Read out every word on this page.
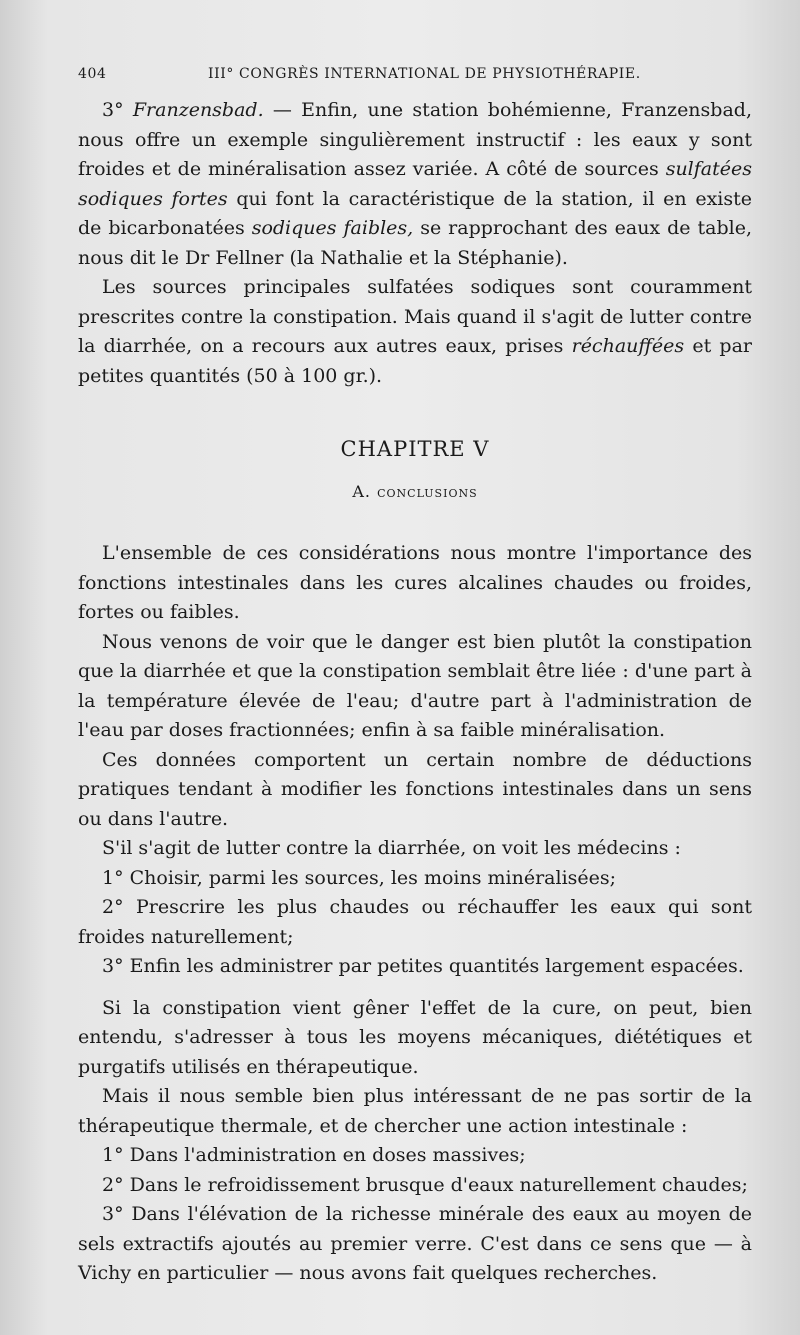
404	III° CONGRÈS INTERNATIONAL DE PHYSIOTHÉRAPIE.

3° Franzensbad. — Enfin, une station bohémienne, Franzensbad, nous offre un exemple singulièrement instructif : les eaux y sont froides et de minéralisation assez variée. A côté de sources sulfatées sodiques fortes qui font la caractéristique de la station, il en existe de bicarbonatées sodiques faibles, se rapprochant des eaux de table, nous dit le Dr Fellner (la Nathalie et la Stéphanie).

Les sources principales sulfatées sodiques sont couramment prescrites contre la constipation. Mais quand il s'agit de lutter contre la diarrhée, on a recours aux autres eaux, prises réchauffées et par petites quantités (50 à 100 gr.).

CHAPITRE V
A. conclusions

L'ensemble de ces considérations nous montre l'importance des fonctions intestinales dans les cures alcalines chaudes ou froides, fortes ou faibles.

Nous venons de voir que le danger est bien plutôt la constipation que la diarrhée et que la constipation semblait être liée : d'une part à la température élevée de l'eau; d'autre part à l'administration de l'eau par doses fractionnées; enfin à sa faible minéralisation.

Ces données comportent un certain nombre de déductions pratiques tendant à modifier les fonctions intestinales dans un sens ou dans l'autre.

S'il s'agit de lutter contre la diarrhée, on voit les médecins :

1° Choisir, parmi les sources, les moins minéralisées;

2° Prescrire les plus chaudes ou réchauffer les eaux qui sont froides naturellement;

3° Enfin les administrer par petites quantités largement espacées.

Si la constipation vient gêner l'effet de la cure, on peut, bien entendu, s'adresser à tous les moyens mécaniques, diététiques et purgatifs utilisés en thérapeutique.

Mais il nous semble bien plus intéressant de ne pas sortir de la thérapeutique thermale, et de chercher une action intestinale :

1° Dans l'administration en doses massives;

2° Dans le refroidissement brusque d'eaux naturellement chaudes;

3° Dans l'élévation de la richesse minérale des eaux au moyen de sels extractifs ajoutés au premier verre. C'est dans ce sens que — à Vichy en particulier — nous avons fait quelques recherches.
